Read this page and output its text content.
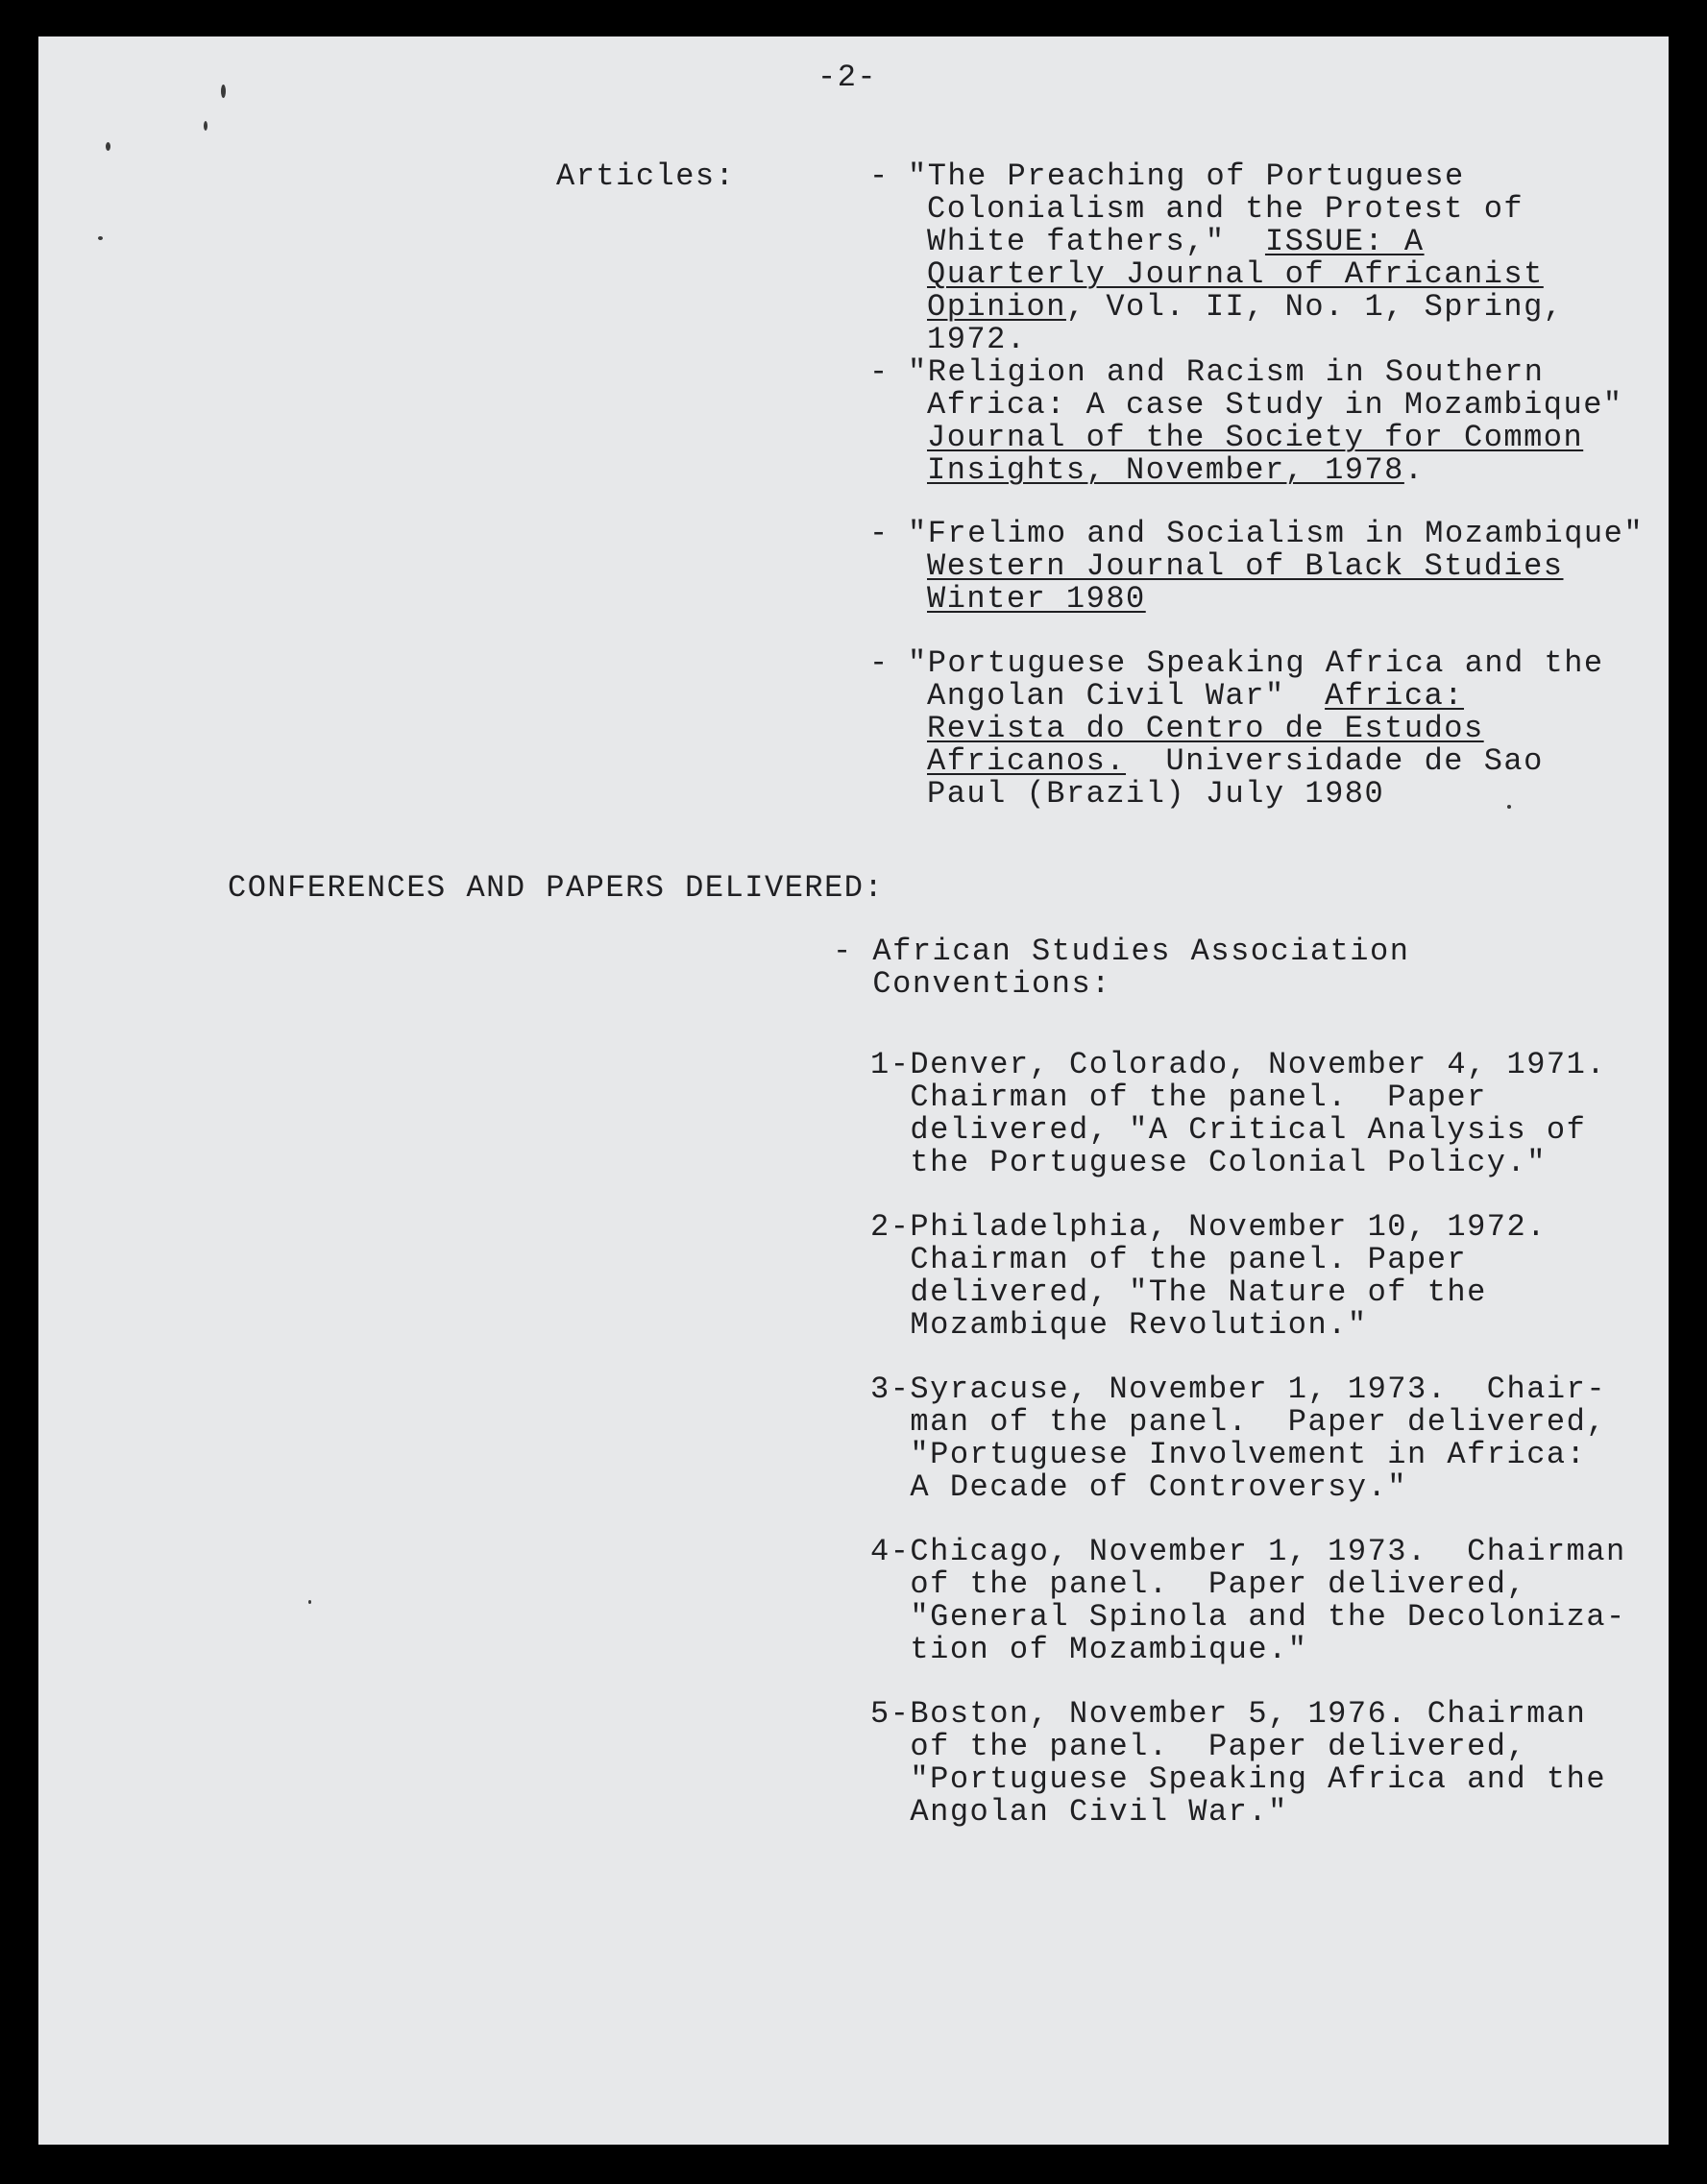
-2-

Articles:	- "The Preaching of Portuguese

Colonialism and the Protest of

White fathers,"  ISSUE: A

Quarterly Journal of Africanist

Opinion, Vol. II, No. 1, Spring,

1972.

- "Religion and Racism in Southern

Africa: A case Study in Mozambique"

Journal of the Society for Common

Insights, November, 1978.

- "Frelimo and Socialism in Mozambique"

Western Journal of Black Studies

Winter 1980

- "Portuguese Speaking Africa and the

Angolan Civil War"  Africa:

Revista do Centro de Estudos

Africanos.  Universidade de Sao

Paul (Brazil) July 1980

CONFERENCES AND PAPERS DELIVERED:

- African Studies Association

Conventions:

1-Denver, Colorado, November 4, 1971.

Chairman of the panel.  Paper

delivered, "A Critical Analysis of

the Portuguese Colonial Policy."

2-Philadelphia, November 10, 1972.

Chairman of the panel. Paper

delivered, "The Nature of the

Mozambique Revolution."

3-Syracuse, November 1, 1973.  Chair-

man of the panel.  Paper delivered,

"Portuguese Involvement in Africa:

A Decade of Controversy."

4-Chicago, November 1, 1973.  Chairman

of the panel.  Paper delivered,

"General Spinola and the Decoloniza-

tion of Mozambique."

5-Boston, November 5, 1976. Chairman

of the panel.  Paper delivered,

"Portuguese Speaking Africa and the

Angolan Civil War."
